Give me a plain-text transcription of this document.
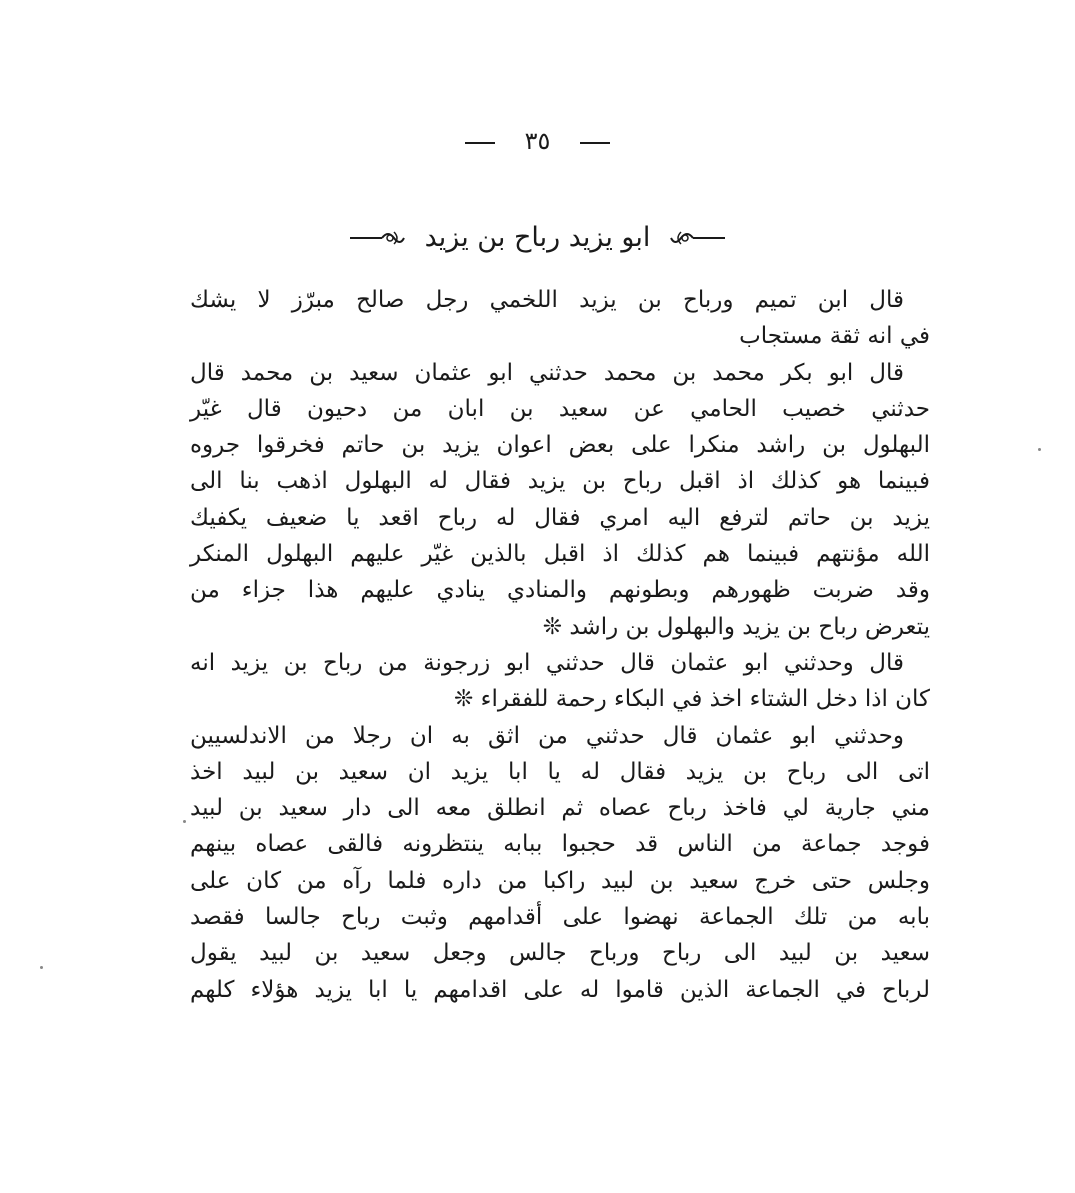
٣٥
ابو يزيد رباح بن يزيد
قال ابن تميم ورباح بن يزيد اللخمي رجل صالح مبرّز لا يشك
في انه ثقة مستجاب
قال ابو بكر محمد بن محمد حدثني ابو عثمان سعيد بن محمد قال
حدثني خصيب الحامي عن سعيد بن ابان من دحيون قال غيّر
البهلول بن راشد منكرا على بعض اعوان يزيد بن حاتم فخرقوا جروه
فبينما هو كذلك اذ اقبل رباح بن يزيد فقال له البهلول اذهب بنا الى
يزيد بن حاتم لترفع اليه امري فقال له رباح اقعد يا ضعيف يكفيك
الله مؤنتهم فبينما هم كذلك اذ اقبل بالذين غيّر عليهم البهلول المنكر
وقد ضربت ظهورهم وبطونهم والمنادي ينادي عليهم هذا جزاء من
يتعرض رباح بن يزيد والبهلول بن راشد ❊
قال وحدثني ابو عثمان قال حدثني ابو زرجونة من رباح بن يزيد انه
كان اذا دخل الشتاء اخذ في البكاء رحمة للفقراء ❊
وحدثني ابو عثمان قال حدثني من اثق به ان رجلا من الاندلسيين
اتى الى رباح بن يزيد فقال له يا ابا يزيد ان سعيد بن لبيد اخذ
مني جارية لي فاخذ رباح عصاه ثم انطلق معه الى دار سعيد بن لبيد
فوجد جماعة من الناس قد حجبوا ببابه ينتظرونه فالقى عصاه بينهم
وجلس حتى خرج سعيد بن لبيد راكبا من داره فلما رآه من كان على
بابه من تلك الجماعة نهضوا على أقدامهم وثبت رباح جالسا فقصد
سعيد بن لبيد الى رباح ورباح جالس وجعل سعيد بن لبيد يقول
لرباح في الجماعة الذين قاموا له على اقدامهم يا ابا يزيد هؤلاء كلهم
